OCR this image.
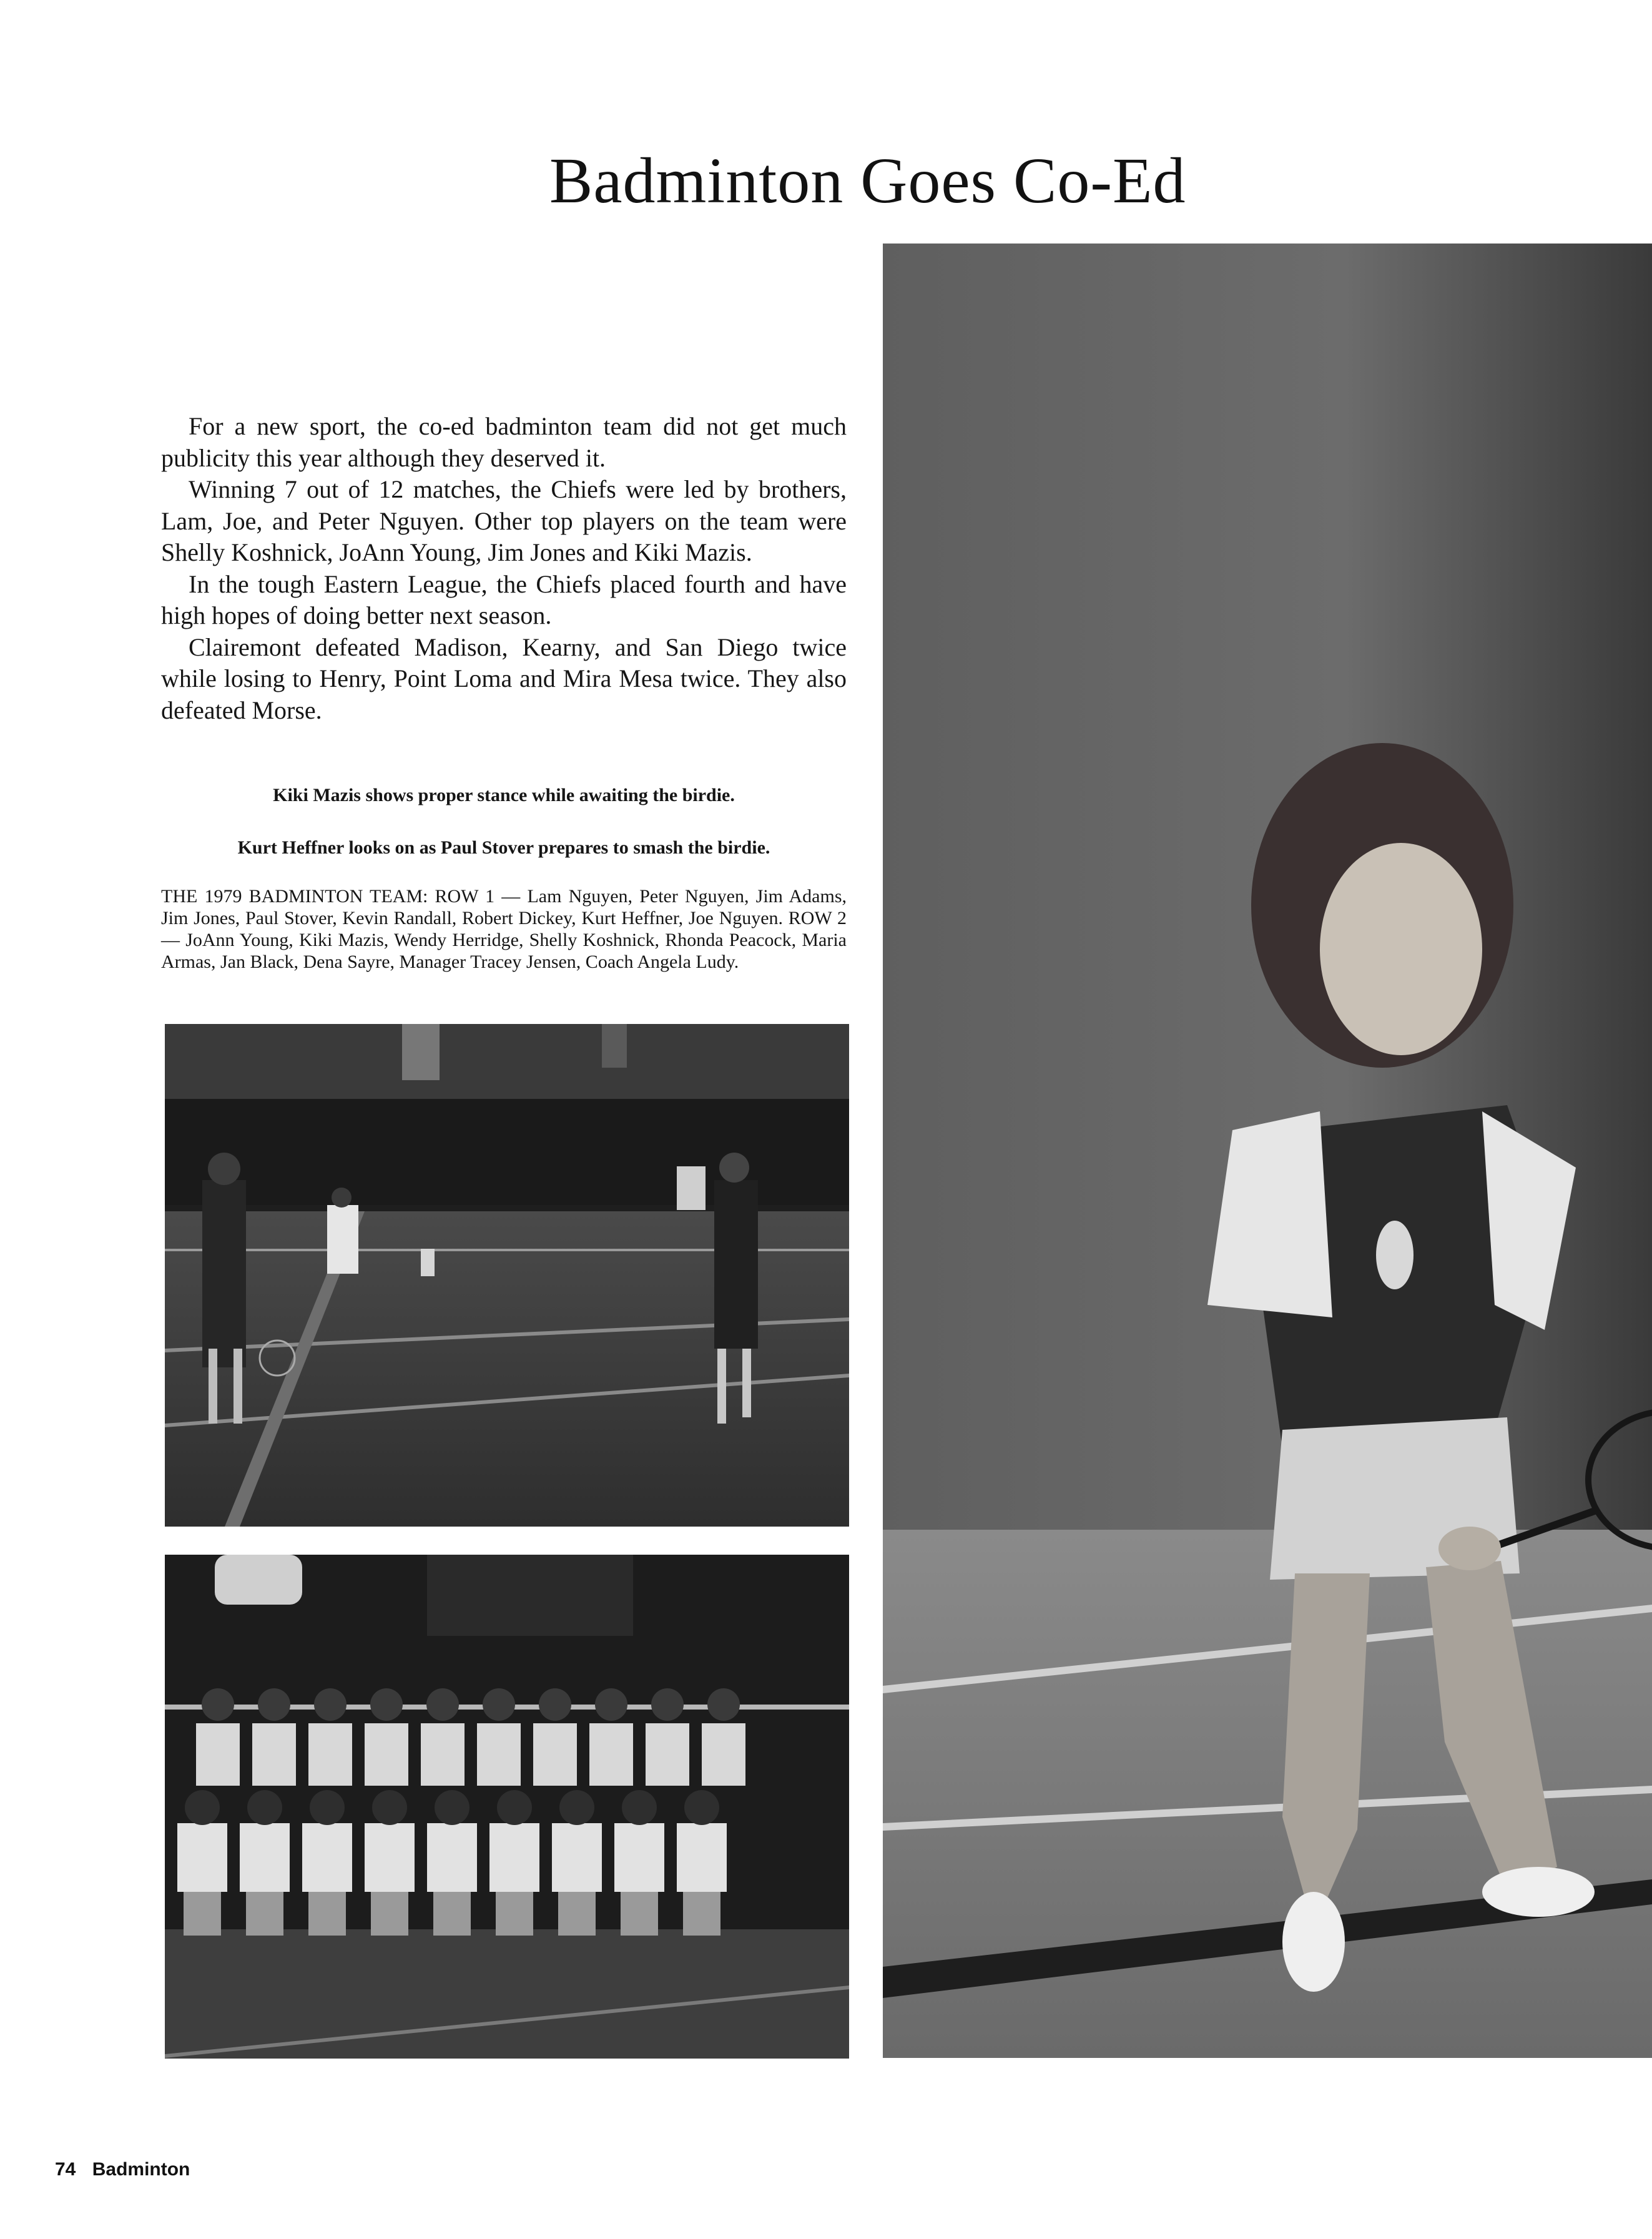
Badminton Goes Co-Ed

For a new sport, the co-ed badminton team did not get much publicity this year although they deserved it.

Winning 7 out of 12 matches, the Chiefs were led by brothers, Lam, Joe, and Peter Nguyen. Other top players on the team were Shelly Koshnick, JoAnn Young, Jim Jones and Kiki Mazis.

In the tough Eastern League, the Chiefs placed fourth and have high hopes of doing better next season.

Clairemont defeated Madison, Kearny, and San Diego twice while losing to Henry, Point Loma and Mira Mesa twice. They also defeated Morse.

Kiki Mazis shows proper stance while awaiting the birdie.

Kurt Heffner looks on as Paul Stover prepares to smash the birdie.

THE 1979 BADMINTON TEAM: ROW 1 — Lam Nguyen, Peter Nguyen, Jim Adams, Jim Jones, Paul Stover, Kevin Randall, Robert Dickey, Kurt Heffner, Joe Nguyen. ROW 2 — JoAnn Young, Kiki Mazis, Wendy Herridge, Shelly Koshnick, Rhonda Peacock, Maria Armas, Jan Black, Dena Sayre, Manager Tracey Jensen, Coach Angela Ludy.

74 Badminton
